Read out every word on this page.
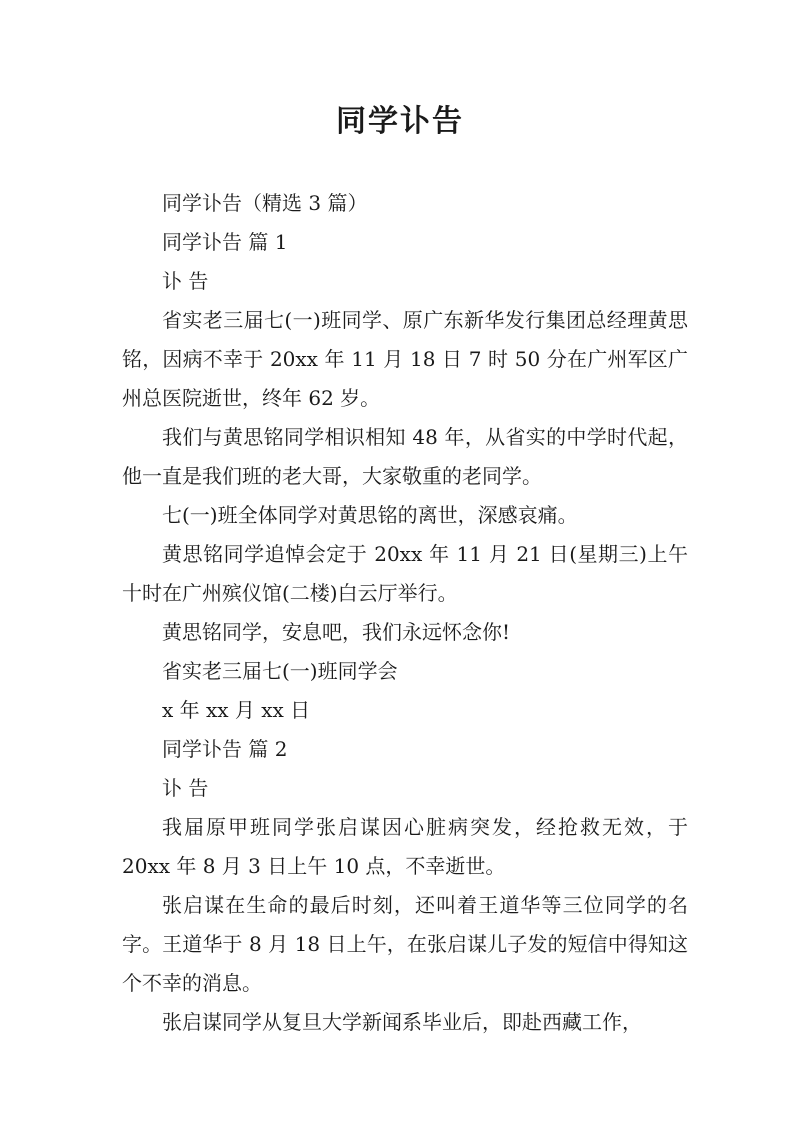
同学讣告

同学讣告（精选 3 篇）

同学讣告 篇 1

讣 告

省实老三届七(一)班同学、原广东新华发行集团总经理黄思铭，因病不幸于 20xx 年 11 月 18 日 7 时 50 分在广州军区广州总医院逝世，终年 62 岁。

我们与黄思铭同学相识相知 48 年，从省实的中学时代起，他一直是我们班的老大哥，大家敬重的老同学。

七(一)班全体同学对黄思铭的离世，深感哀痛。

黄思铭同学追悼会定于 20xx 年 11 月 21 日(星期三)上午十时在广州殡仪馆(二楼)白云厅举行。

黄思铭同学，安息吧，我们永远怀念你!

省实老三届七(一)班同学会

x 年 xx 月 xx 日

同学讣告 篇 2

讣 告

我届原甲班同学张启谋因心脏病突发，经抢救无效，于 20xx 年 8 月 3 日上午 10 点，不幸逝世。

张启谋在生命的最后时刻，还叫着王道华等三位同学的名字。王道华于 8 月 18 日上午，在张启谋儿子发的短信中得知这个不幸的消息。

张启谋同学从复旦大学新闻系毕业后，即赴西藏工作，
